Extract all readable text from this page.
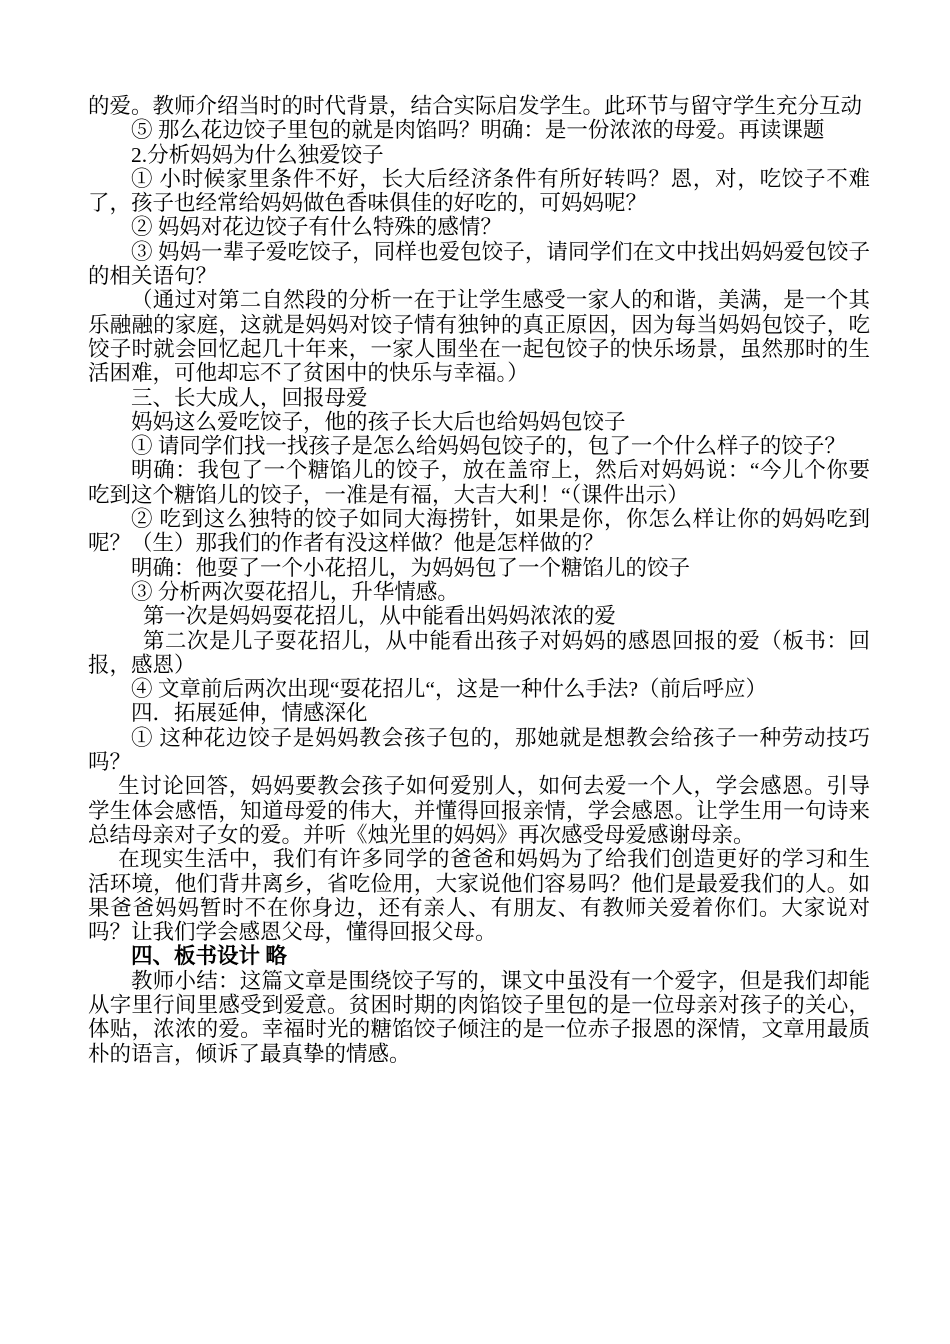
的爱。教师介绍当时的时代背景，结合实际启发学生。此环节与留守学生充分互动

⑤ 那么花边饺子里包的就是肉馅吗？明确：是一份浓浓的母爱。再读课题

2.分析妈妈为什么独爱饺子

① 小时候家里条件不好，长大后经济条件有所好转吗？恩，对，吃饺子不难了，孩子也经常给妈妈做色香味俱佳的好吃的，可妈妈呢？

② 妈妈对花边饺子有什么特殊的感情？

③ 妈妈一辈子爱吃饺子，同样也爱包饺子，请同学们在文中找出妈妈爱包饺子的相关语句？

（通过对第二自然段的分析一在于让学生感受一家人的和谐，美满，是一个其乐融融的家庭，这就是妈妈对饺子情有独钟的真正原因，因为每当妈妈包饺子，吃饺子时就会回忆起几十年来，一家人围坐在一起包饺子的快乐场景，虽然那时的生活困难，可他却忘不了贫困中的快乐与幸福。）

三、长大成人，回报母爱

妈妈这么爱吃饺子，他的孩子长大后也给妈妈包饺子

① 请同学们找一找孩子是怎么给妈妈包饺子的，包了一个什么样子的饺子？

明确：我包了一个糖馅儿的饺子，放在盖帘上，然后对妈妈说：“今儿个你要吃到这个糖馅儿的饺子，一准是有福，大吉大利！“（课件出示）

② 吃到这么独特的饺子如同大海捞针，如果是你，你怎么样让你的妈妈吃到呢？（生）那我们的作者有没这样做？他是怎样做的？

明确：他耍了一个小花招儿，为妈妈包了一个糖馅儿的饺子

③ 分析两次耍花招儿，升华情感。

第一次是妈妈耍花招儿，从中能看出妈妈浓浓的爱

第二次是儿子耍花招儿，从中能看出孩子对妈妈的感恩回报的爱（板书：回报，感恩）

④ 文章前后两次出现“耍花招儿“，这是一种什么手法?（前后呼应）

四．拓展延伸，情感深化

① 这种花边饺子是妈妈教会孩子包的，那她就是想教会给孩子一种劳动技巧吗？

生讨论回答，妈妈要教会孩子如何爱别人，如何去爱一个人，学会感恩。引导学生体会感悟，知道母爱的伟大，并懂得回报亲情，学会感恩。让学生用一句诗来总结母亲对子女的爱。并听《烛光里的妈妈》再次感受母爱感谢母亲。

在现实生活中，我们有许多同学的爸爸和妈妈为了给我们创造更好的学习和生活环境，他们背井离乡，省吃俭用，大家说他们容易吗？他们是最爱我们的人。如果爸爸妈妈暂时不在你身边，还有亲人、有朋友、有教师关爱着你们。大家说对吗？让我们学会感恩父母，懂得回报父母。

四、板书设计 略

教师小结：这篇文章是围绕饺子写的，课文中虽没有一个爱字，但是我们却能从字里行间里感受到爱意。贫困时期的肉馅饺子里包的是一位母亲对孩子的关心，体贴，浓浓的爱。幸福时光的糖馅饺子倾注的是一位赤子报恩的深情，文章用最质朴的语言，倾诉了最真挚的情感。
